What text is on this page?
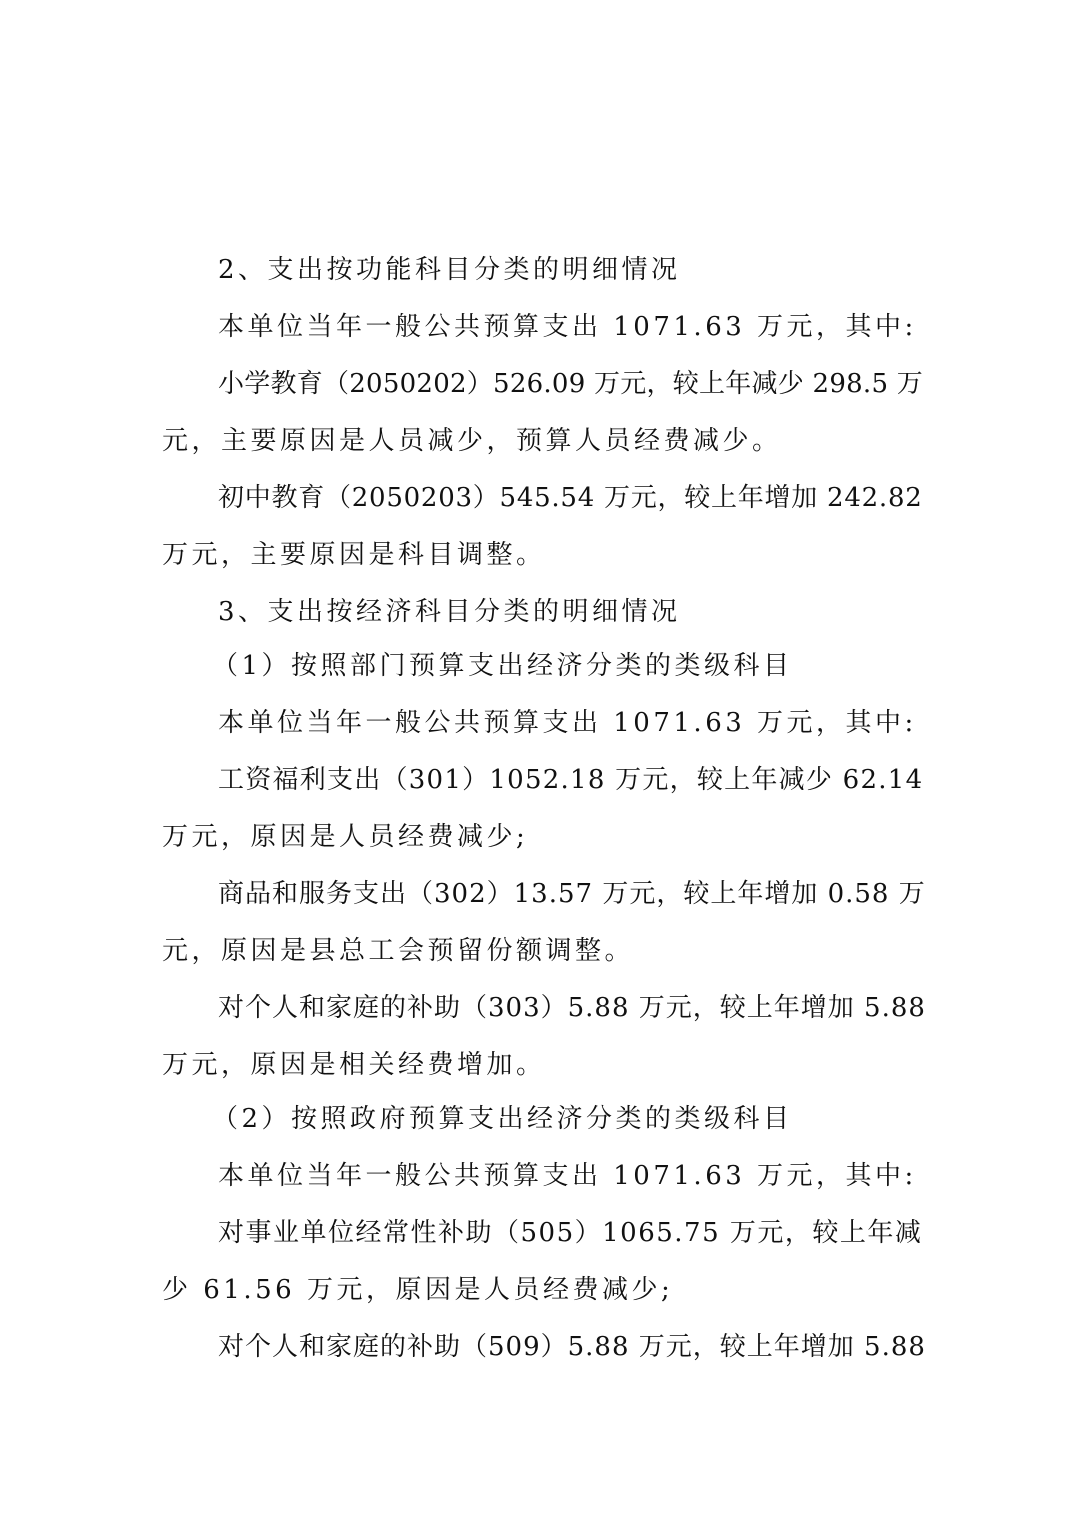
2、支出按功能科目分类的明细情况
本单位当年一般公共预算支出 1071.63 万元，其中:
小学教育（2050202）526.09 万元，较上年减少 298.5 万
元，主要原因是人员减少，预算人员经费减少。
初中教育（2050203）545.54 万元，较上年增加 242.82
万元，主要原因是科目调整。
3、支出按经济科目分类的明细情况
（1）按照部门预算支出经济分类的类级科目
本单位当年一般公共预算支出 1071.63 万元，其中:
工资福利支出（301）1052.18 万元，较上年减少 62.14
万元，原因是人员经费减少;
商品和服务支出（302）13.57 万元，较上年增加 0.58 万
元，原因是县总工会预留份额调整。
对个人和家庭的补助（303）5.88 万元，较上年增加 5.88
万元，原因是相关经费增加。
（2）按照政府预算支出经济分类的类级科目
本单位当年一般公共预算支出 1071.63 万元，其中:
对事业单位经常性补助（505）1065.75 万元，较上年减
少 61.56 万元，原因是人员经费减少;
对个人和家庭的补助（509）5.88 万元，较上年增加 5.88
